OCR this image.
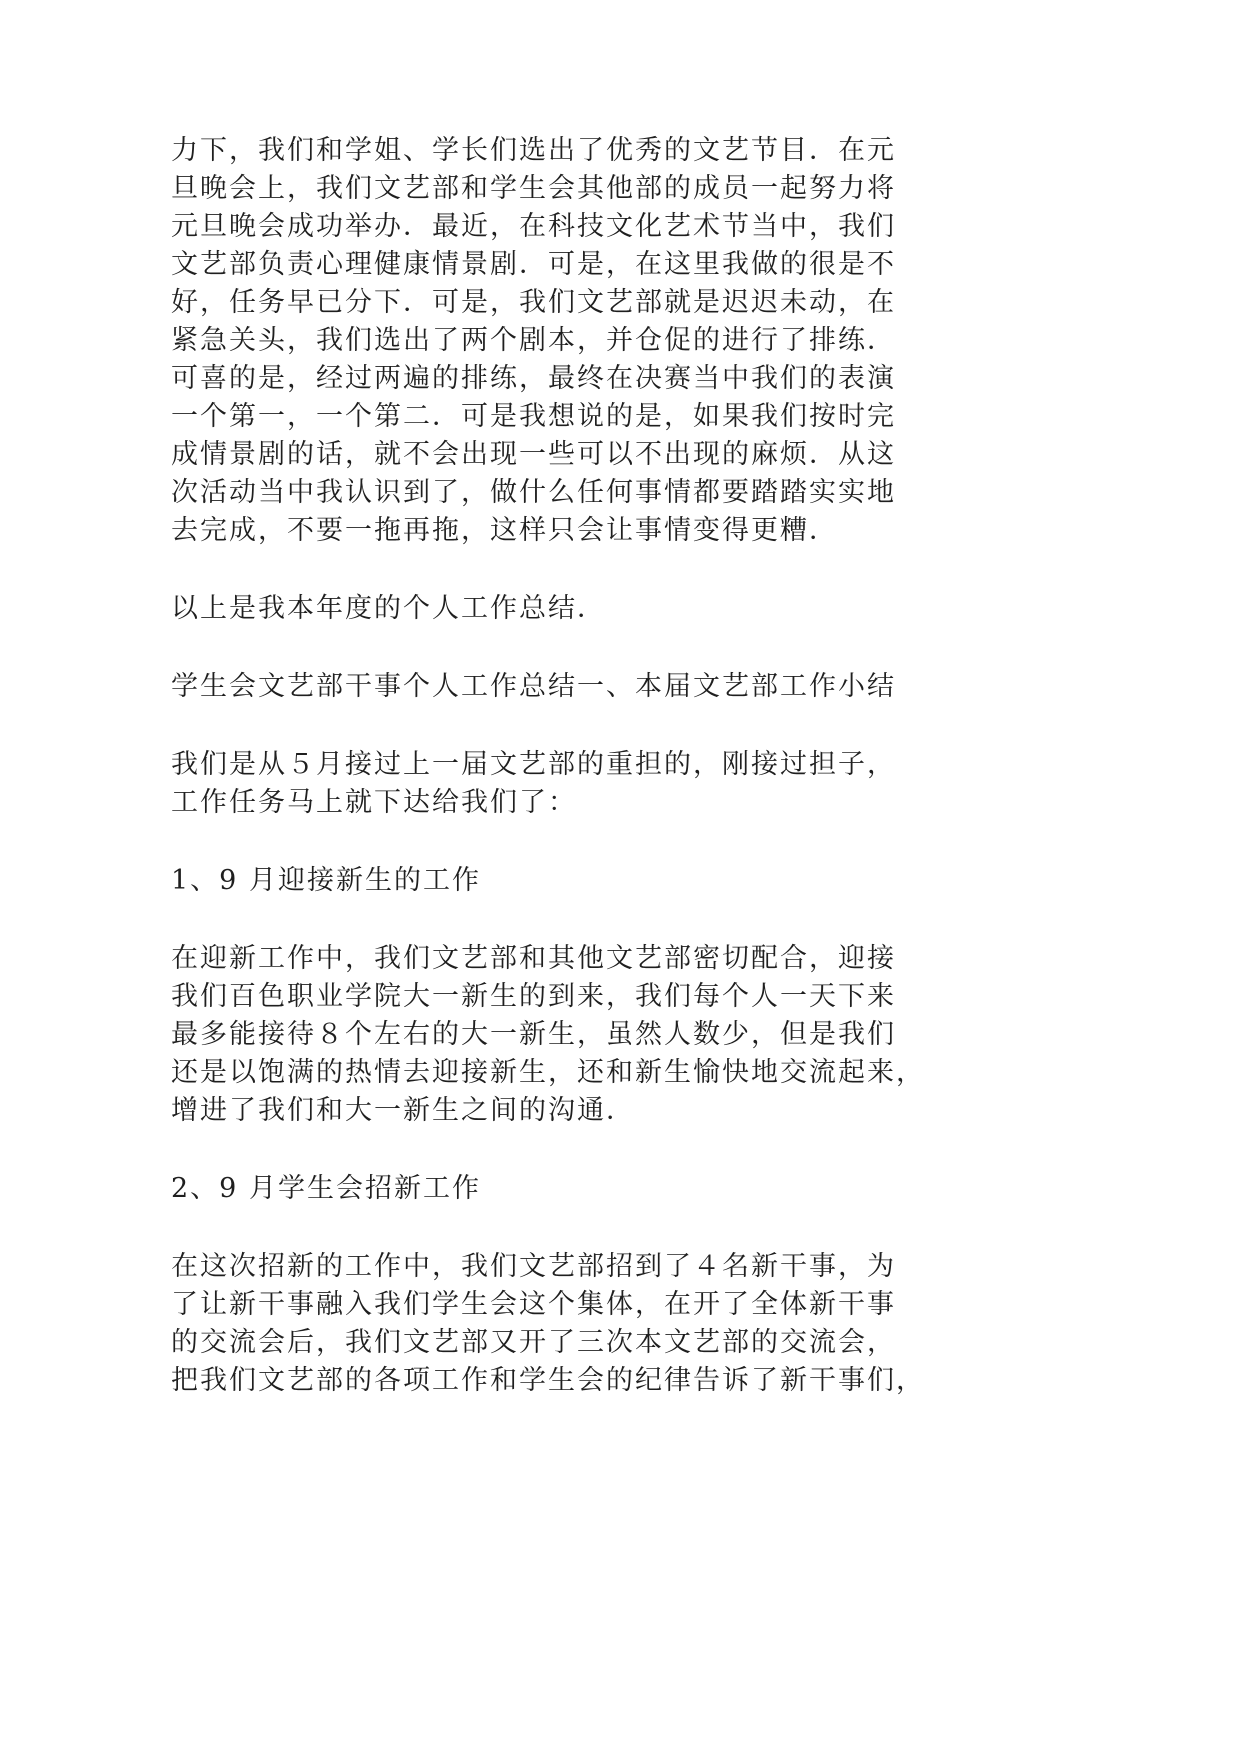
力下，我们和学姐、学长们选出了优秀的文艺节目．在元
旦晚会上，我们文艺部和学生会其他部的成员一起努力将
元旦晚会成功举办．最近，在科技文化艺术节当中，我们
文艺部负责心理健康情景剧．可是，在这里我做的很是不
好，任务早已分下．可是，我们文艺部就是迟迟未动，在
紧急关头，我们选出了两个剧本，并仓促的进行了排练．
可喜的是，经过两遍的排练，最终在决赛当中我们的表演
一个第一，一个第二．可是我想说的是，如果我们按时完
成情景剧的话，就不会出现一些可以不出现的麻烦．从这
次活动当中我认识到了，做什么任何事情都要踏踏实实地
去完成，不要一拖再拖，这样只会让事情变得更糟．
以上是我本年度的个人工作总结．
学生会文艺部干事个人工作总结一、本届文艺部工作小结
我们是从５月接过上一届文艺部的重担的，刚接过担子，
工作任务马上就下达给我们了：
1、9 月迎接新生的工作
在迎新工作中，我们文艺部和其他文艺部密切配合，迎接
我们百色职业学院大一新生的到来，我们每个人一天下来
最多能接待８个左右的大一新生，虽然人数少，但是我们
还是以饱满的热情去迎接新生，还和新生愉快地交流起来，
增进了我们和大一新生之间的沟通．
2、9 月学生会招新工作
在这次招新的工作中，我们文艺部招到了４名新干事，为
了让新干事融入我们学生会这个集体，在开了全体新干事
的交流会后，我们文艺部又开了三次本文艺部的交流会，
把我们文艺部的各项工作和学生会的纪律告诉了新干事们，
